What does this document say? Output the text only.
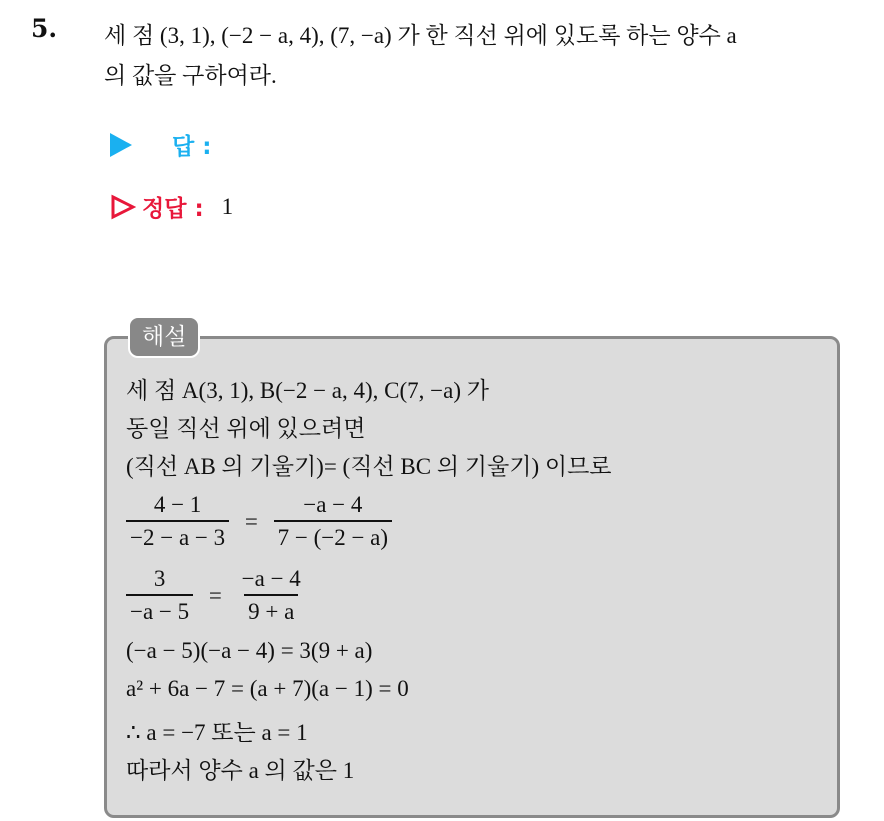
5. 세 점 (3, 1), (−2 − a, 4), (7, −a) 가 한 직선 위에 있도록 하는 양수 a
의 값을 구하여라.
답 :
정답 : 1
해설
세 점 A(3, 1), B(−2 − a, 4), C(7, −a) 가
동일 직선 위에 있으려면
(직선 AB 의 기울기)= (직선 BC 의 기울기) 이므로
$\frac{4 - 1}{-2 - a - 3} = \frac{-a - 4}{7 - (-2 - a)}$
$\frac{3}{-a - 5} = \frac{-a - 4}{9 + a}$
(−a − 5)(−a − 4) = 3(9 + a)
a² + 6a − 7 = (a + 7)(a − 1) = 0
∴ a = −7 또는 a = 1
따라서 양수 a 의 값은 1
